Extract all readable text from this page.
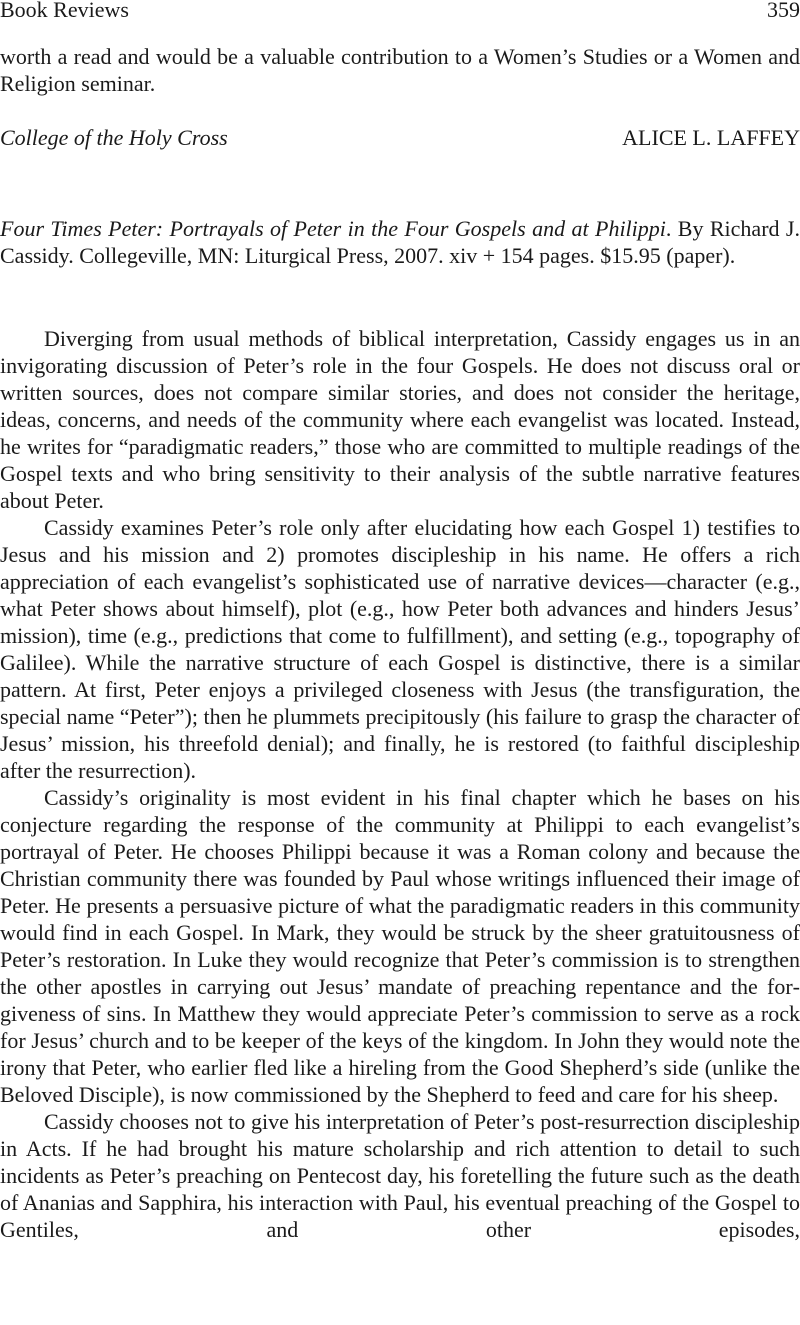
Book Reviews	359
worth a read and would be a valuable contribution to a Women’s Studies or a Women and Religion seminar.
College of the Holy Cross	ALICE L. LAFFEY
Four Times Peter: Portrayals of Peter in the Four Gospels and at Philippi. By Richard J. Cassidy. Collegeville, MN: Liturgical Press, 2007. xiv + 154 pages. $15.95 (paper).

Diverging from usual methods of biblical interpretation, Cassidy engages us in an invigorating discussion of Peter’s role in the four Gospels. He does not discuss oral or written sources, does not compare similar stories, and does not consider the heritage, ideas, concerns, and needs of the community where each evangelist was located. Instead, he writes for “paradigmatic readers,” those who are committed to multiple readings of the Gospel texts and who bring sensitivity to their analysis of the subtle narrative features about Peter.

Cassidy examines Peter’s role only after elucidating how each Gospel 1) testifies to Jesus and his mission and 2) promotes discipleship in his name. He offers a rich appreciation of each evangelist’s sophisticated use of narrative devices—character (e.g., what Peter shows about himself), plot (e.g., how Peter both advances and hinders Jesus’ mission), time (e.g., predictions that come to fulfillment), and setting (e.g., topography of Galilee). While the narrative structure of each Gospel is distinctive, there is a similar pattern. At first, Peter enjoys a privileged closeness with Jesus (the transfiguration, the special name “Peter”); then he plummets precipitously (his failure to grasp the character of Jesus’ mission, his threefold denial); and finally, he is restored (to faithful discipleship after the resurrection).

Cassidy’s originality is most evident in his final chapter which he bases on his conjecture regarding the response of the community at Philippi to each evangelist’s portrayal of Peter. He chooses Philippi because it was a Roman colony and because the Christian community there was founded by Paul whose writings influenced their image of Peter. He presents a persuasive picture of what the paradigmatic readers in this community would find in each Gospel. In Mark, they would be struck by the sheer gratuitousness of Peter’s restoration. In Luke they would recognize that Peter’s commission is to strengthen the other apostles in carrying out Jesus’ mandate of preaching repentance and the forgiveness of sins. In Matthew they would appreciate Peter’s commission to serve as a rock for Jesus’ church and to be keeper of the keys of the kingdom. In John they would note the irony that Peter, who earlier fled like a hireling from the Good Shepherd’s side (unlike the Beloved Disciple), is now commissioned by the Shepherd to feed and care for his sheep.

Cassidy chooses not to give his interpretation of Peter’s post-resurrection discipleship in Acts. If he had brought his mature scholarship and rich attention to detail to such incidents as Peter’s preaching on Pentecost day, his foretelling the future such as the death of Ananias and Sapphira, his interaction with Paul, his eventual preaching of the Gospel to Gentiles, and other episodes,
